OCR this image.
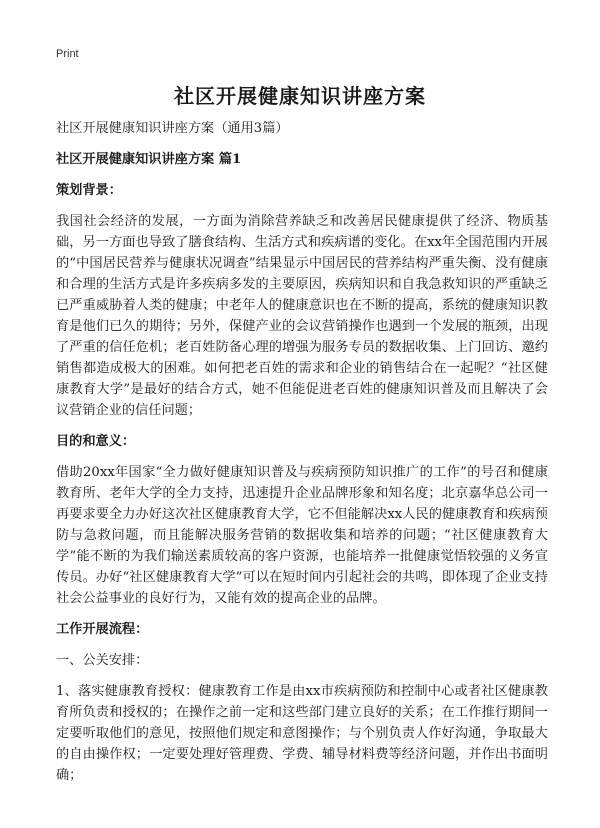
Print
社区开展健康知识讲座方案

社区开展健康知识讲座方案（通用3篇）

社区开展健康知识讲座方案 篇1

策划背景：

我国社会经济的发展，一方面为消除营养缺乏和改善居民健康提供了经济、物质基础，另一方面也导致了膳食结构、生活方式和疾病谱的变化。在xx年全国范围内开展的“中国居民营养与健康状况调查”结果显示中国居民的营养结构严重失衡、没有健康和合理的生活方式是许多疾病多发的主要原因，疾病知识和自我急救知识的严重缺乏已严重威胁着人类的健康；中老年人的健康意识也在不断的提高，系统的健康知识教育是他们已久的期待；另外，保健产业的会议营销操作也遇到一个发展的瓶颈，出现了严重的信任危机；老百姓防备心理的增强为服务专员的数据收集、上门回访、邀约销售都造成极大的困难。如何把老百姓的需求和企业的销售结合在一起呢？“社区健康教育大学”是最好的结合方式，她不但能促进老百姓的健康知识普及而且解决了会议营销企业的信任问题；

目的和意义：

借助20xx年国家“全力做好健康知识普及与疾病预防知识推广的工作”的号召和健康教育所、老年大学的全力支持，迅速提升企业品牌形象和知名度；北京嘉华总公司一再要求要全力办好这次社区健康教育大学，它不但能解决xx人民的健康教育和疾病预防与急救问题，而且能解决服务营销的数据收集和培养的问题；“社区健康教育大学”能不断的为我们输送素质较高的客户资源，也能培养一批健康觉悟较强的义务宣传员。办好“社区健康教育大学”可以在短时间内引起社会的共鸣，即体现了企业支持社会公益事业的良好行为，又能有效的提高企业的品牌。

工作开展流程：

一、公关安排：

1、落实健康教育授权：健康教育工作是由xx市疾病预防和控制中心或者社区健康教育所负责和授权的；在操作之前一定和这些部门建立良好的关系；在工作推行期间一定要听取他们的意见，按照他们规定和意图操作；与个别负责人作好沟通，争取最大的自由操作权；一定要处理好管理费、学费、辅导材料费等经济问题，并作出书面明确；
